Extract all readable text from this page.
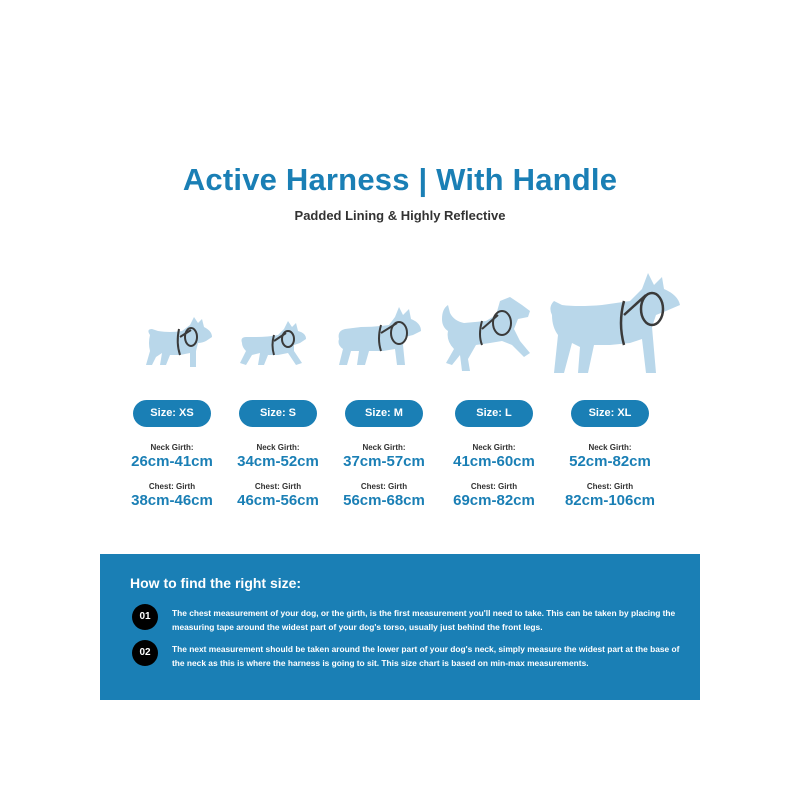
Active Harness | With Handle
Padded Lining & Highly Reflective
Size: XS
Neck Girth:
26cm-41cm
Chest: Girth
38cm-46cm
Size: S
Neck Girth:
34cm-52cm
Chest: Girth
46cm-56cm
Size: M
Neck Girth:
37cm-57cm
Chest: Girth
56cm-68cm
Size: L
Neck Girth:
41cm-60cm
Chest: Girth
69cm-82cm
Size: XL
Neck Girth:
52cm-82cm
Chest: Girth
82cm-106cm
How to find the right size:
01	The chest measurement of your dog, or the girth, is the first measurement you'll need to take. This can be taken by placing the measuring tape around the widest part of your dog's torso, usually just behind the front legs.
02	The next measurement should be taken around the lower part of your dog's neck, simply measure the widest part at the base of the neck as this is where the harness is going to sit. This size chart is based on min-max measurements.
